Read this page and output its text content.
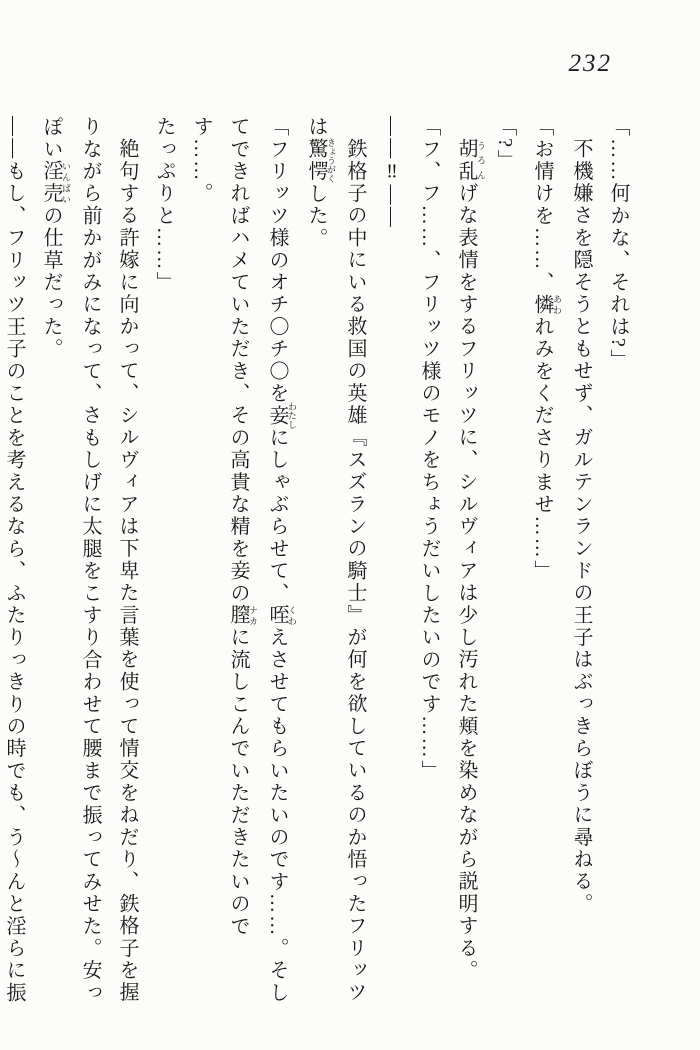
232

「……何かな、それは?」

不機嫌さを隠そうともせず、ガルテンランドの王子はぶっきらぼうに尋ねる。

「お情けを……、憐 あわれみをくださりませ……」

「?」

胡乱 うろんげな表情をするフリッツに、シルヴィアは少し汚れた頬を染めながら説明する。

「フ、フ……、フリッツ様のモノをちょうだいしたいのです……」

――‼――

鉄格子の中にいる救国の英雄『スズランの騎士』が何を欲しているのか悟ったフリッツ

は驚愕 きょうがくした。

「フリッツ様のオチ〇チ〇を妾 わたしにしゃぶらせて、咥 くわえさせてもらいたいのです……。そし

てできればハメていただき、その高貴な精を妾の膣 ナカに流しこんでいただきたいのです……。

たっぷりと……」

絶句する許嫁に向かって、シルヴィアは下卑た言葉を使って情交をねだり、鉄格子を握

りながら前かがみになって、さもしげに太腿をこすり合わせて腰まで振ってみせた。安っ

ぽい淫売 いんばいの仕草だった。

――もし、フリッツ王子のことを考えるなら、ふたりっきりの時でも、う〜んと淫らに振
